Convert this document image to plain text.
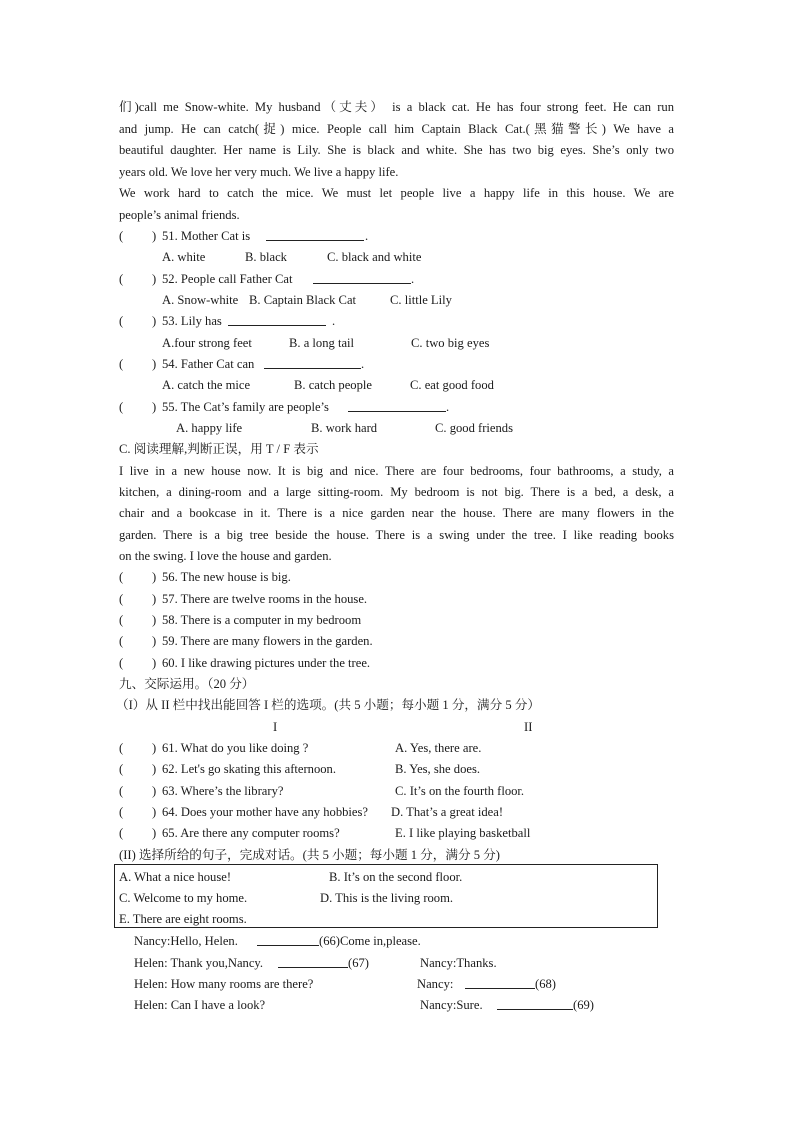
们)call me Snow-white. My husband（丈夫） is a black cat. He has four strong feet. He can run
and jump. He can catch(捉) mice. People call him Captain Black Cat.(黑猫警长) We have a
beautiful daughter. Her name is Lily. She is black and white. She has two big eyes. She’s only two
years old. We love her very much. We live a happy life.
We work hard to catch the mice. We must let people live a happy life in this house. We are
people’s animal friends.
( ) 51. Mother Cat is	.
A. white	B. black	C. black and white
( ) 52. People call Father Cat	.
A. Snow-white B. Captain Black Cat	C. little Lily
( ) 53. Lily has	.
A.four strong feet	B. a long tail	C. two big eyes
( ) 54. Father Cat can	.
A. catch the mice	B. catch people	C. eat good food
( ) 55. The Cat’s family are people’s	.
A. happy life	B. work hard	C. good friends
C. 阅读理解,判断正误，用 T / F 表示
I live in a new house now. It is big and nice. There are four bedrooms, four bathrooms, a study, a
kitchen, a dining-room and a large sitting-room. My bedroom is not big. There is a bed, a desk, a
chair and a bookcase in it. There is a nice garden near the house. There are many flowers in the
garden. There is a big tree beside the house. There is a swing under the tree. I like reading books
on the swing. I love the house and garden.
( ) 56. The new house is big.
( ) 57. There are twelve rooms in the house.
( ) 58. There is a computer in my bedroom
( ) 59. There are many flowers in the garden.
( ) 60. I like drawing pictures under the tree.
九、交际运用。（20 分）
（I）从 II 栏中找出能回答 I 栏的选项。(共 5 小题；每小题 1 分，满分 5 分）
I	II
( ) 61. What do you like doing ?	A. Yes, there are.
( ) 62. Let's go skating this afternoon.	B. Yes, she does.
( ) 63. Where’s the library?	C. It’s on the fourth floor.
( ) 64. Does your mother have any hobbies? D. That’s a great idea!
( ) 65. Are there any computer rooms?	E. I like playing basketball
(II) 选择所给的句子，完成对话。(共 5 小题；每小题 1 分，满分 5 分)
A. What a nice house!	B. It’s on the second floor.
C. Welcome to my home.	D. This is the living room.
E. There are eight rooms.
Nancy:Hello, Helen.	(66)Come in,please.
Helen: Thank you,Nancy.	(67)	Nancy:Thanks.
Helen: How many rooms are there?	Nancy:	(68)
Helen: Can I have a look?	Nancy:Sure.	(69)
